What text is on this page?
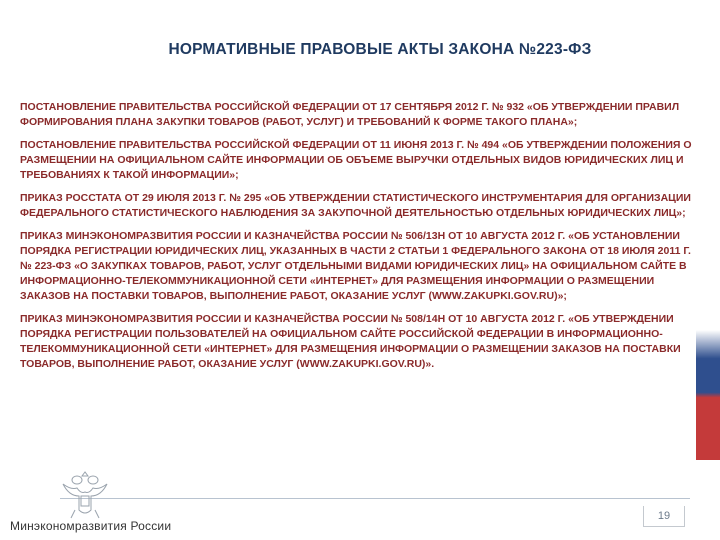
НОРМАТИВНЫЕ ПРАВОВЫЕ АКТЫ ЗАКОНА №223-ФЗ

ПОСТАНОВЛЕНИЕ ПРАВИТЕЛЬСТВА РОССИЙСКОЙ ФЕДЕРАЦИИ ОТ 17 СЕНТЯБРЯ 2012 Г. № 932 «ОБ УТВЕРЖДЕНИИ ПРАВИЛ ФОРМИРОВАНИЯ ПЛАНА ЗАКУПКИ ТОВАРОВ (РАБОТ, УСЛУГ) И ТРЕБОВАНИЙ К ФОРМЕ ТАКОГО ПЛАНА»;

ПОСТАНОВЛЕНИЕ ПРАВИТЕЛЬСТВА РОССИЙСКОЙ ФЕДЕРАЦИИ ОТ 11 ИЮНЯ 2013 Г. № 494 «ОБ УТВЕРЖДЕНИИ ПОЛОЖЕНИЯ О РАЗМЕЩЕНИИ НА ОФИЦИАЛЬНОМ САЙТЕ ИНФОРМАЦИИ ОБ ОБЪЕМЕ ВЫРУЧКИ ОТДЕЛЬНЫХ ВИДОВ ЮРИДИЧЕСКИХ ЛИЦ И ТРЕБОВАНИЯХ К ТАКОЙ ИНФОРМАЦИИ»;

ПРИКАЗ РОССТАТА ОТ 29 ИЮЛЯ 2013 Г. № 295 «ОБ УТВЕРЖДЕНИИ СТАТИСТИЧЕСКОГО ИНСТРУМЕНТАРИЯ ДЛЯ ОРГАНИЗАЦИИ ФЕДЕРАЛЬНОГО СТАТИСТИЧЕСКОГО НАБЛЮДЕНИЯ ЗА ЗАКУПОЧНОЙ ДЕЯТЕЛЬНОСТЬЮ ОТДЕЛЬНЫХ ЮРИДИЧЕСКИХ ЛИЦ»;

ПРИКАЗ МИНЭКОНОМРАЗВИТИЯ РОССИИ И КАЗНАЧЕЙСТВА РОССИИ № 506/13Н ОТ 10 АВГУСТА 2012 Г. «ОБ УСТАНОВЛЕНИИ ПОРЯДКА РЕГИСТРАЦИИ ЮРИДИЧЕСКИХ ЛИЦ, УКАЗАННЫХ В ЧАСТИ 2 СТАТЬИ 1 ФЕДЕРАЛЬНОГО ЗАКОНА ОТ 18 ИЮЛЯ 2011 Г. № 223-ФЗ «О ЗАКУПКАХ ТОВАРОВ, РАБОТ, УСЛУГ ОТДЕЛЬНЫМИ ВИДАМИ ЮРИДИЧЕСКИХ ЛИЦ» НА ОФИЦИАЛЬНОМ САЙТЕ В ИНФОРМАЦИОННО-ТЕЛЕКОММУНИКАЦИОННОЙ СЕТИ «ИНТЕРНЕТ» ДЛЯ РАЗМЕЩЕНИЯ ИНФОРМАЦИИ О РАЗМЕЩЕНИИ ЗАКАЗОВ НА ПОСТАВКИ ТОВАРОВ, ВЫПОЛНЕНИЕ РАБОТ, ОКАЗАНИЕ УСЛУГ (WWW.ZAKUPKI.GOV.RU)»;

ПРИКАЗ МИНЭКОНОМРАЗВИТИЯ РОССИИ И КАЗНАЧЕЙСТВА РОССИИ № 508/14Н ОТ 10 АВГУСТА 2012 Г. «ОБ УТВЕРЖДЕНИИ ПОРЯДКА РЕГИСТРАЦИИ ПОЛЬЗОВАТЕЛЕЙ НА ОФИЦИАЛЬНОМ САЙТЕ РОССИЙСКОЙ ФЕДЕРАЦИИ В ИНФОРМАЦИОННО-ТЕЛЕКОММУНИКАЦИОННОЙ СЕТИ «ИНТЕРНЕТ» ДЛЯ РАЗМЕЩЕНИЯ ИНФОРМАЦИИ О РАЗМЕЩЕНИИ ЗАКАЗОВ НА ПОСТАВКИ ТОВАРОВ, ВЫПОЛНЕНИЕ РАБОТ, ОКАЗАНИЕ УСЛУГ (WWW.ZAKUPKI.GOV.RU)».

Минэкономразвития России
19
